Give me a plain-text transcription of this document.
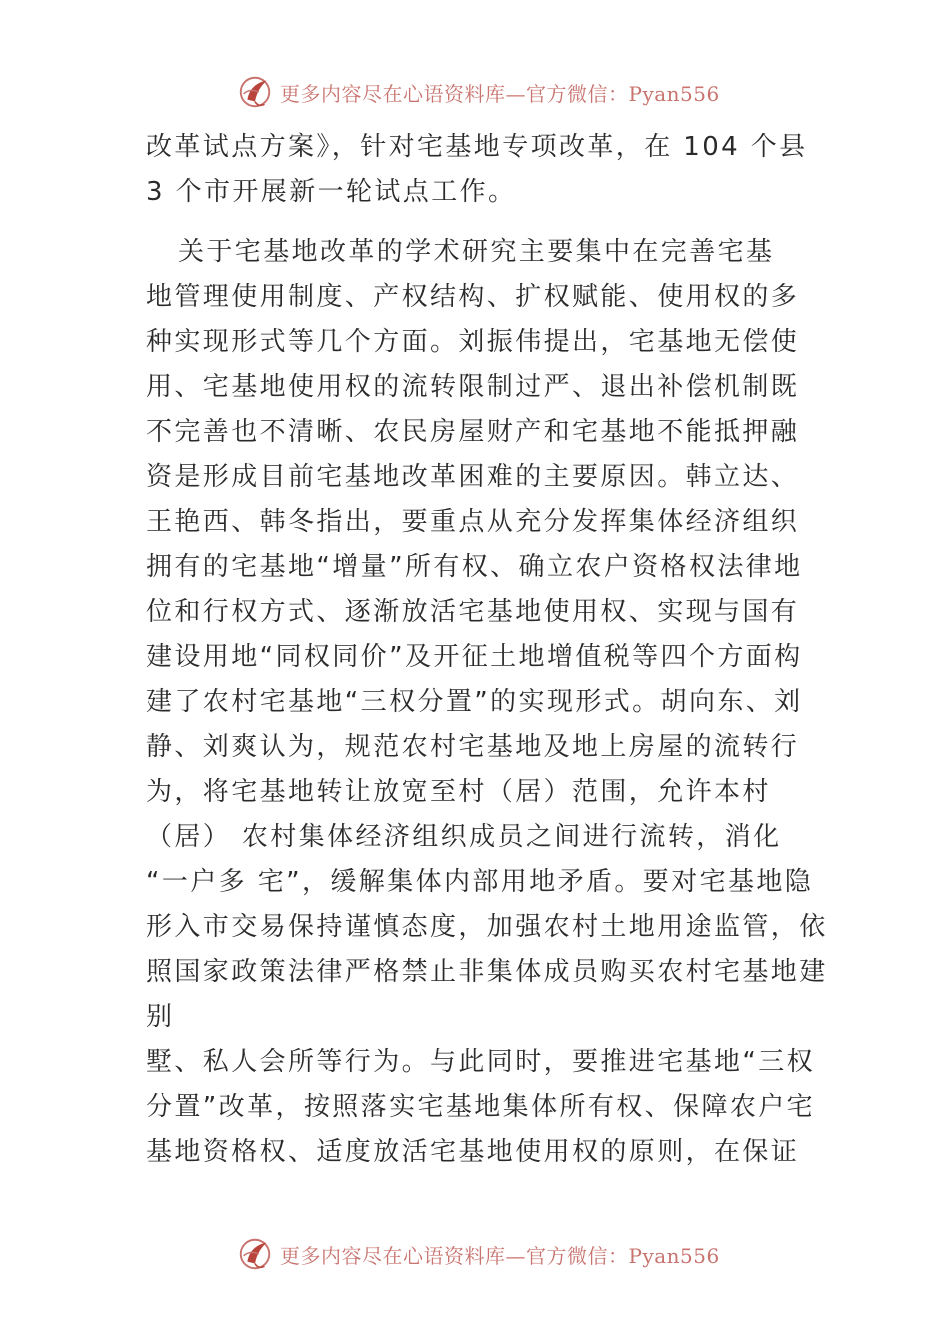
更多内容尽在心语资料库—官方微信：Pyan556
改革试点方案》，针对宅基地专项改革，在 104 个县
3 个市开展新一轮试点工作。
关于宅基地改革的学术研究主要集中在完善宅基
地管理使用制度、产权结构、扩权赋能、使用权的多
种实现形式等几个方面。刘振伟提出，宅基地无偿使
用、宅基地使用权的流转限制过严、退出补偿机制既
不完善也不清晰、农民房屋财产和宅基地不能抵押融
资是形成目前宅基地改革困难的主要原因。韩立达、
王艳西、韩冬指出，要重点从充分发挥集体经济组织
拥有的宅基地“增量”所有权、确立农户资格权法律地
位和行权方式、逐渐放活宅基地使用权、实现与国有
建设用地“同权同价”及开征土地增值税等四个方面构
建了农村宅基地“三权分置”的实现形式。胡向东、刘
静、刘爽认为，规范农村宅基地及地上房屋的流转行
为，将宅基地转让放宽至村（居）范围，允许本村
（居） 农村集体经济组织成员之间进行流转，消化
“一户多 宅”，缓解集体内部用地矛盾。要对宅基地隐
形入市交易保持谨慎态度，加强农村土地用途监管，依
照国家政策法律严格禁止非集体成员购买农村宅基地建
别
墅、私人会所等行为。与此同时，要推进宅基地“三权
分置”改革，按照落实宅基地集体所有权、保障农户宅
基地资格权、适度放活宅基地使用权的原则，在保证
更多内容尽在心语资料库—官方微信：Pyan556
